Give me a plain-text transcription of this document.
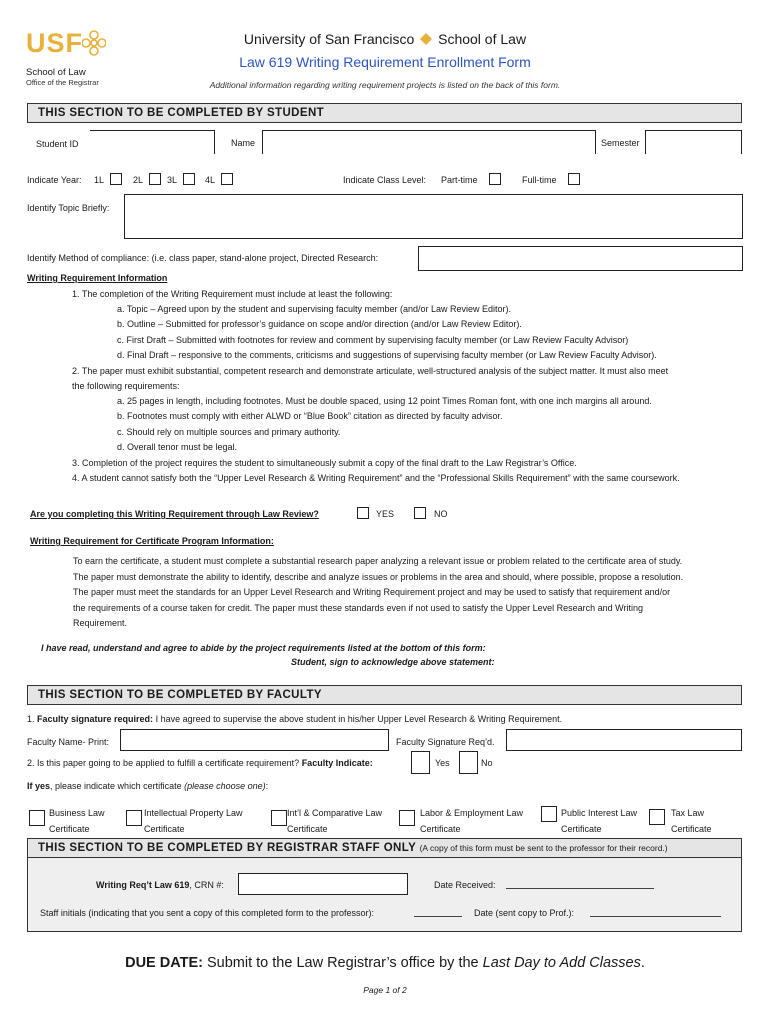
USF
School of Law
Office of the Registrar
University of San Francisco School of Law
Law 619 Writing Requirement Enrollment Form
Additional information regarding writing requirement projects is listed on the back of this form.
THIS SECTION TO BE COMPLETED BY STUDENT
Student ID	Name	Semester
Indicate Year: 1L	2L	3L	4L	Indicate Class Level: Part-time	Full-time
Identify Topic Briefly:
Identify Method of compliance: (i.e. class paper, stand-alone project, Directed Research:
Writing Requirement Information
1. The completion of the Writing Requirement must include at least the following:
a. Topic – Agreed upon by the student and supervising faculty member (and/or Law Review Editor).
b. Outline – Submitted for professor’s guidance on scope and/or direction (and/or Law Review Editor).
c. First Draft – Submitted with footnotes for review and comment by supervising faculty member (or Law Review Faculty Advisor)
d. Final Draft – responsive to the comments, criticisms and suggestions of supervising faculty member (or Law Review Faculty Advisor).
2. The paper must exhibit substantial, competent research and demonstrate articulate, well-structured analysis of the subject matter. It must also meet
the following requirements:
a. 25 pages in length, including footnotes. Must be double spaced, using 12 point Times Roman font, with one inch margins all around.
b. Footnotes must comply with either ALWD or “Blue Book” citation as directed by faculty advisor.
c. Should rely on multiple sources and primary authority.
d. Overall tenor must be legal.
3. Completion of the project requires the student to simultaneously submit a copy of the final draft to the Law Registrar’s Office.
4. A student cannot satisfy both the “Upper Level Research & Writing Requirement” and the “Professional Skills Requirement” with the same coursework.
Are you completing this Writing Requirement through Law Review?	YES	NO
Writing Requirement for Certificate Program Information:
To earn the certificate, a student must complete a substantial research paper analyzing a relevant issue or problem related to the certificate area of study.
The paper must demonstrate the ability to identify, describe and analyze issues or problems in the area and should, where possible, propose a resolution.
The paper must meet the standards for an Upper Level Research and Writing Requirement project and may be used to satisfy that requirement and/or
the requirements of a course taken for credit. The paper must these standards even if not used to satisfy the Upper Level Research and Writing
Requirement.
I have read, understand and agree to abide by the project requirements listed at the bottom of this form:
Student, sign to acknowledge above statement:
THIS SECTION TO BE COMPLETED BY FACULTY
1. Faculty signature required: I have agreed to supervise the above student in his/her Upper Level Research & Writing Requirement.
Faculty Name- Print:	Faculty Signature Req’d.
2. Is this paper going to be applied to fulfill a certificate requirement? Faculty Indicate:	Yes	No
If yes, please indicate which certificate (please choose one):
Business Law
Certificate
Intellectual Property Law
Certificate
Int’l & Comparative Law
Certificate
Labor & Employment Law
Certificate
Public Interest Law
Certificate
Tax Law
Certificate
THIS SECTION TO BE COMPLETED BY REGISTRAR STAFF ONLY (A copy of this form must be sent to the professor for their record.)
Writing Req’t Law 619, CRN #:	Date Received:
Staff initials (indicating that you sent a copy of this completed form to the professor):	Date (sent copy to Prof.):
DUE DATE: Submit to the Law Registrar’s office by the Last Day to Add Classes.
Page 1 of 2
